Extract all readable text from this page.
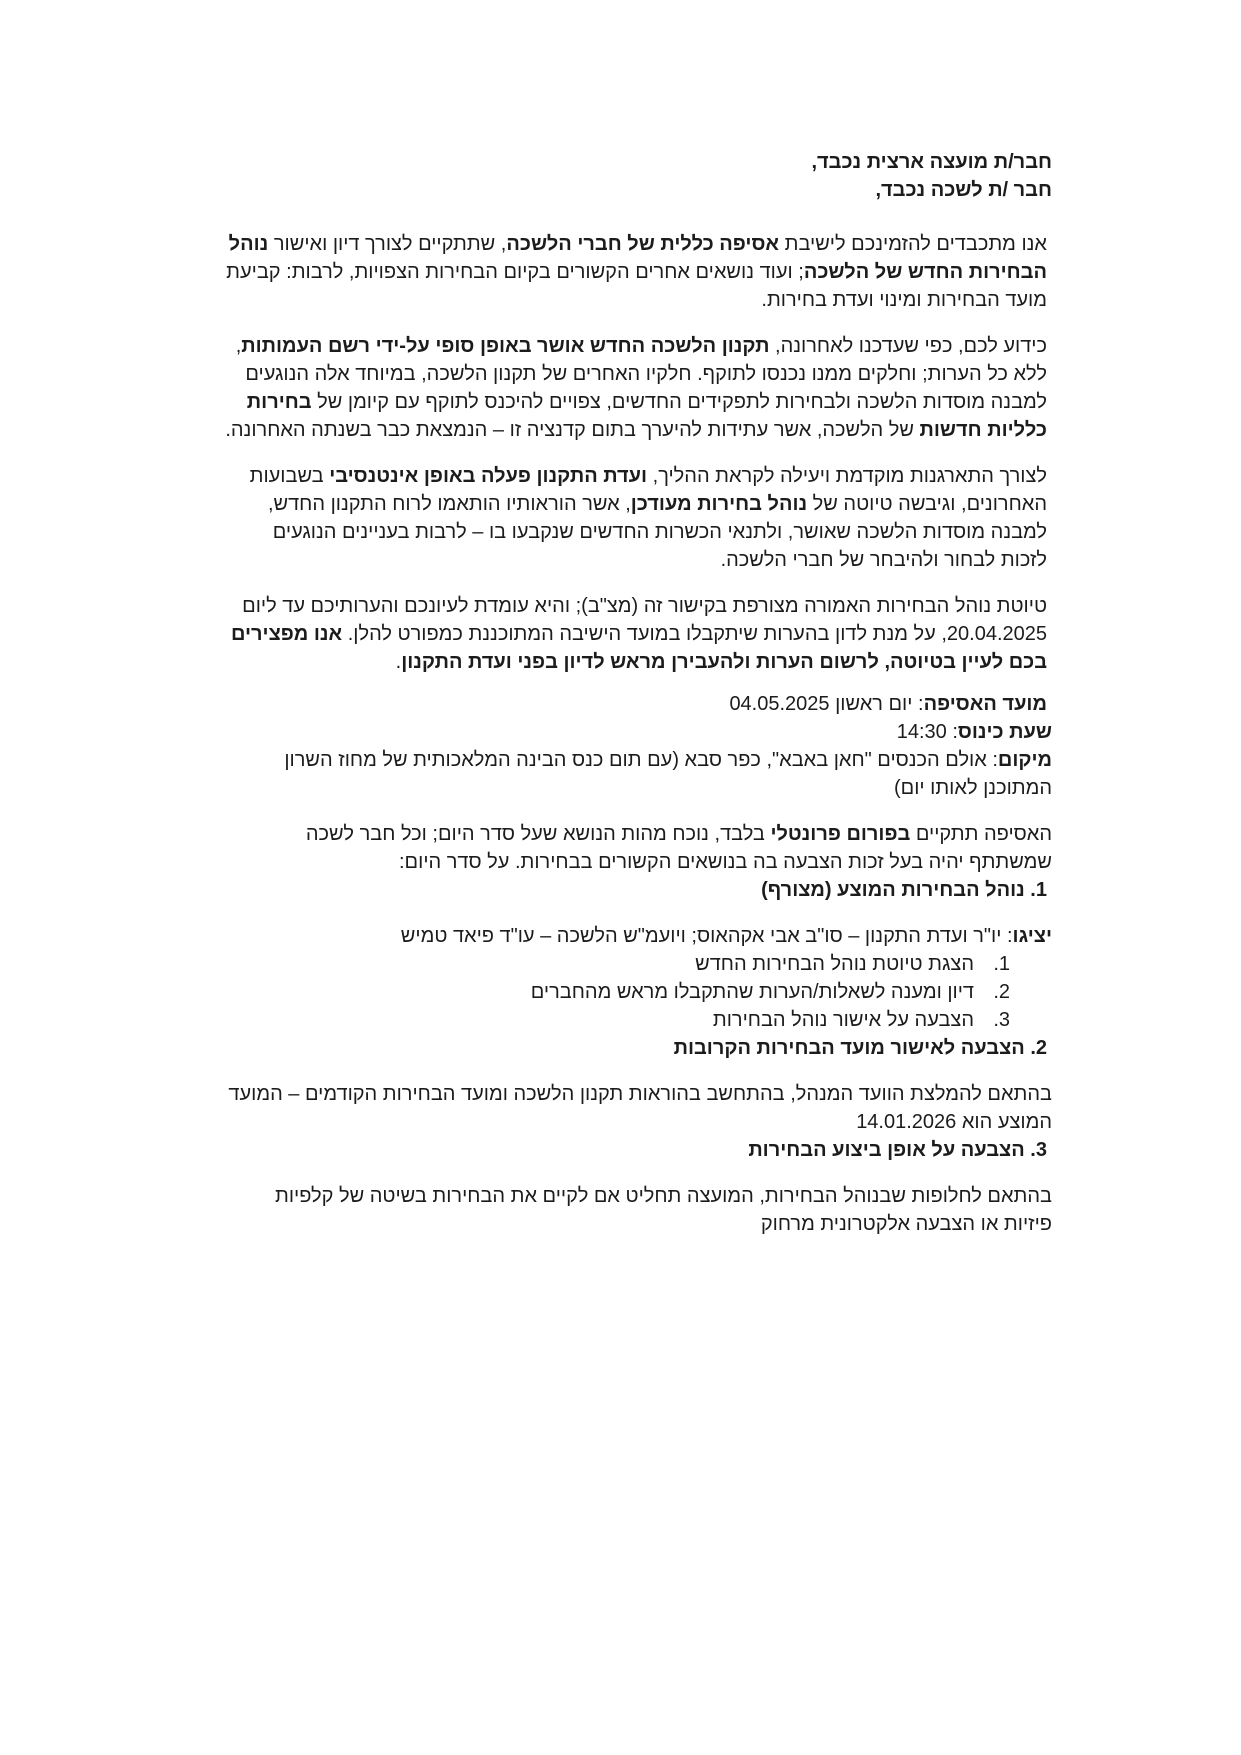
חבר/ת מועצה ארצית נכבד,

חבר /ת לשכה נכבד,

אנו מתכבדים להזמינכם לישיבת אסיפה כללית של חברי הלשכה, שתתקיים לצורך דיון ואישור נוהל הבחירות החדש של הלשכה; ועוד נושאים אחרים הקשורים בקיום הבחירות הצפויות, לרבות: קביעת מועד הבחירות ומינוי ועדת בחירות.

כידוע לכם, כפי שעדכנו לאחרונה, תקנון הלשכה החדש אושר באופן סופי על-ידי רשם העמותות, ללא כל הערות; וחלקים ממנו נכנסו לתוקף. חלקיו האחרים של תקנון הלשכה, במיוחד אלה הנוגעים למבנה מוסדות הלשכה ולבחירות לתפקידים החדשים, צפויים להיכנס לתוקף עם קיומן של בחירות כלליות חדשות של הלשכה, אשר עתידות להיערך בתום קדנציה זו – הנמצאת כבר בשנתה האחרונה.

לצורך התארגנות מוקדמת ויעילה לקראת ההליך, ועדת התקנון פעלה באופן אינטנסיבי בשבועות האחרונים, וגיבשה טיוטה של נוהל בחירות מעודכן, אשר הוראותיו הותאמו לרוח התקנון החדש, למבנה מוסדות הלשכה שאושר, ולתנאי הכשרות החדשים שנקבעו בו – לרבות בעניינים הנוגעים לזכות לבחור ולהיבחר של חברי הלשכה.

טיוטת נוהל הבחירות האמורה מצורפת בקישור זה (מצ"ב); והיא עומדת לעיונכם והערותיכם עד ליום 20.04.2025, על מנת לדון בהערות שיתקבלו במועד הישיבה המתוכננת כמפורט להלן. אנו מפצירים בכם לעיין בטיוטה, לרשום הערות ולהעבירן מראש לדיון בפני ועדת התקנון.

מועד האסיפה: יום ראשון 04.05.2025

שעת כינוס: 14:30

מיקום: אולם הכנסים "חאן באבא", כפר סבא (עם תום כנס הבינה המלאכותית של מחוז השרון המתוכנן לאותו יום)

האסיפה תתקיים בפורום פרונטלי בלבד, נוכח מהות הנושא שעל סדר היום; וכל חבר לשכה שמשתתף יהיה בעל זכות הצבעה בה בנושאים הקשורים בבחירות. על סדר היום:

1. נוהל הבחירות המוצע (מצורף)

יציגו: יו"ר ועדת התקנון – סו"ב אבי אקהאוס; ויועמ"ש הלשכה – עו"ד פיאד טמיש

1.הצגת טיוטת נוהל הבחירות החדש

2.דיון ומענה לשאלות/הערות שהתקבלו מראש מהחברים

3.הצבעה על אישור נוהל הבחירות

2. הצבעה לאישור מועד הבחירות הקרובות

בהתאם להמלצת הוועד המנהל, בהתחשב בהוראות תקנון הלשכה ומועד הבחירות הקודמים – המועד המוצע הוא 14.01.2026

3. הצבעה על אופן ביצוע הבחירות

בהתאם לחלופות שבנוהל הבחירות, המועצה תחליט אם לקיים את הבחירות בשיטה של קלפיות פיזיות או הצבעה אלקטרונית מרחוק
